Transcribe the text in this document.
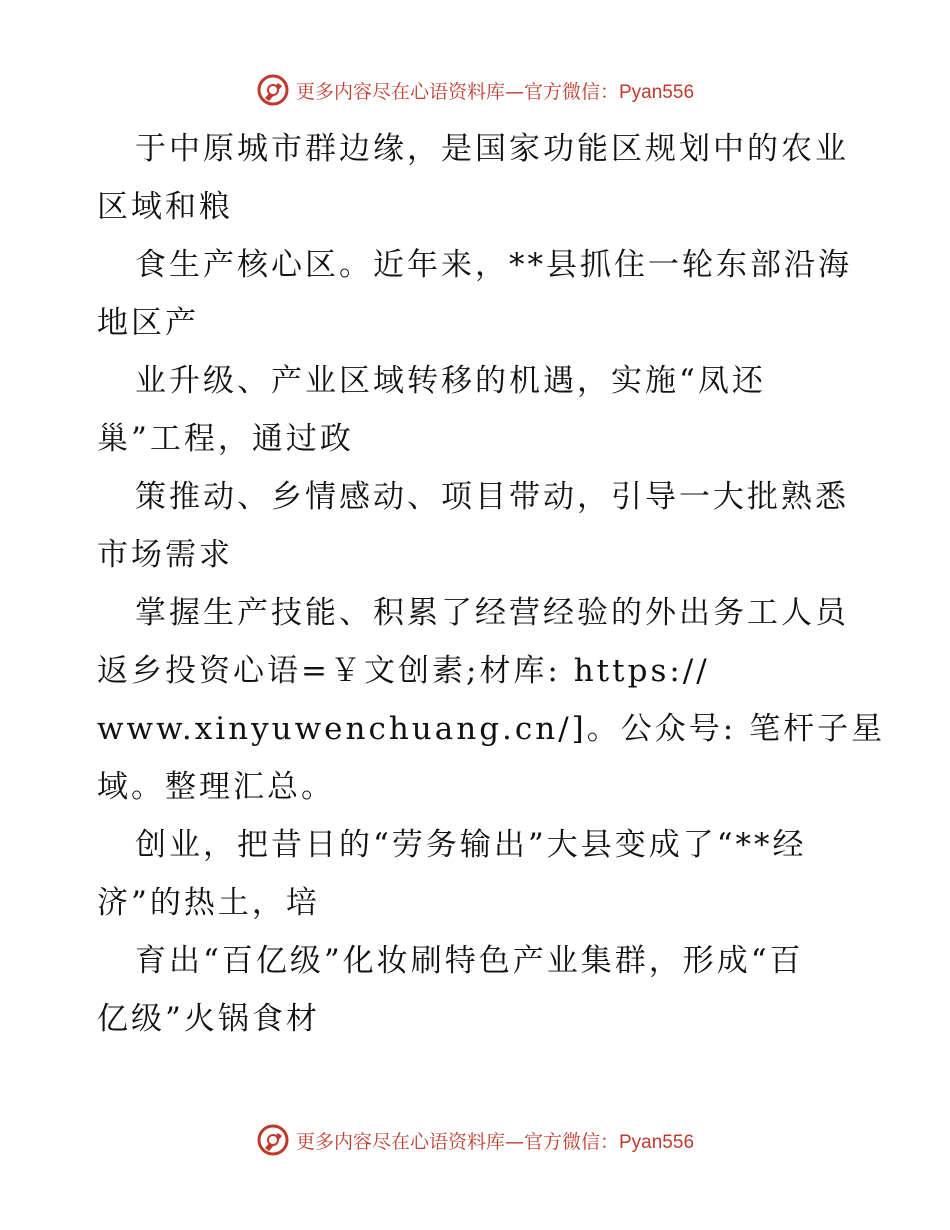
更多内容尽在心语资料库—官方微信：Pyan556
于中原城市群边缘，是国家功能区规划中的农业
区域和粮
食生产核心区。近年来，**县抓住一轮东部沿海
地区产
业升级、产业区域转移的机遇，实施“凤还
巢”工程，通过政
策推动、乡情感动、项目带动，引导一大批熟悉
市场需求
掌握生产技能、积累了经营经验的外出务工人员
返乡投资心语=￥文创素;材库: https://
www.xinyuwenchuang.cn/]。公众号: 笔杆子星
域。整理汇总。
创业，把昔日的“劳务输出”大县变成了“**经
济”的热土，培
育出“百亿级”化妆刷特色产业集群，形成“百
亿级”火锅食材
更多内容尽在心语资料库—官方微信：Pyan556
